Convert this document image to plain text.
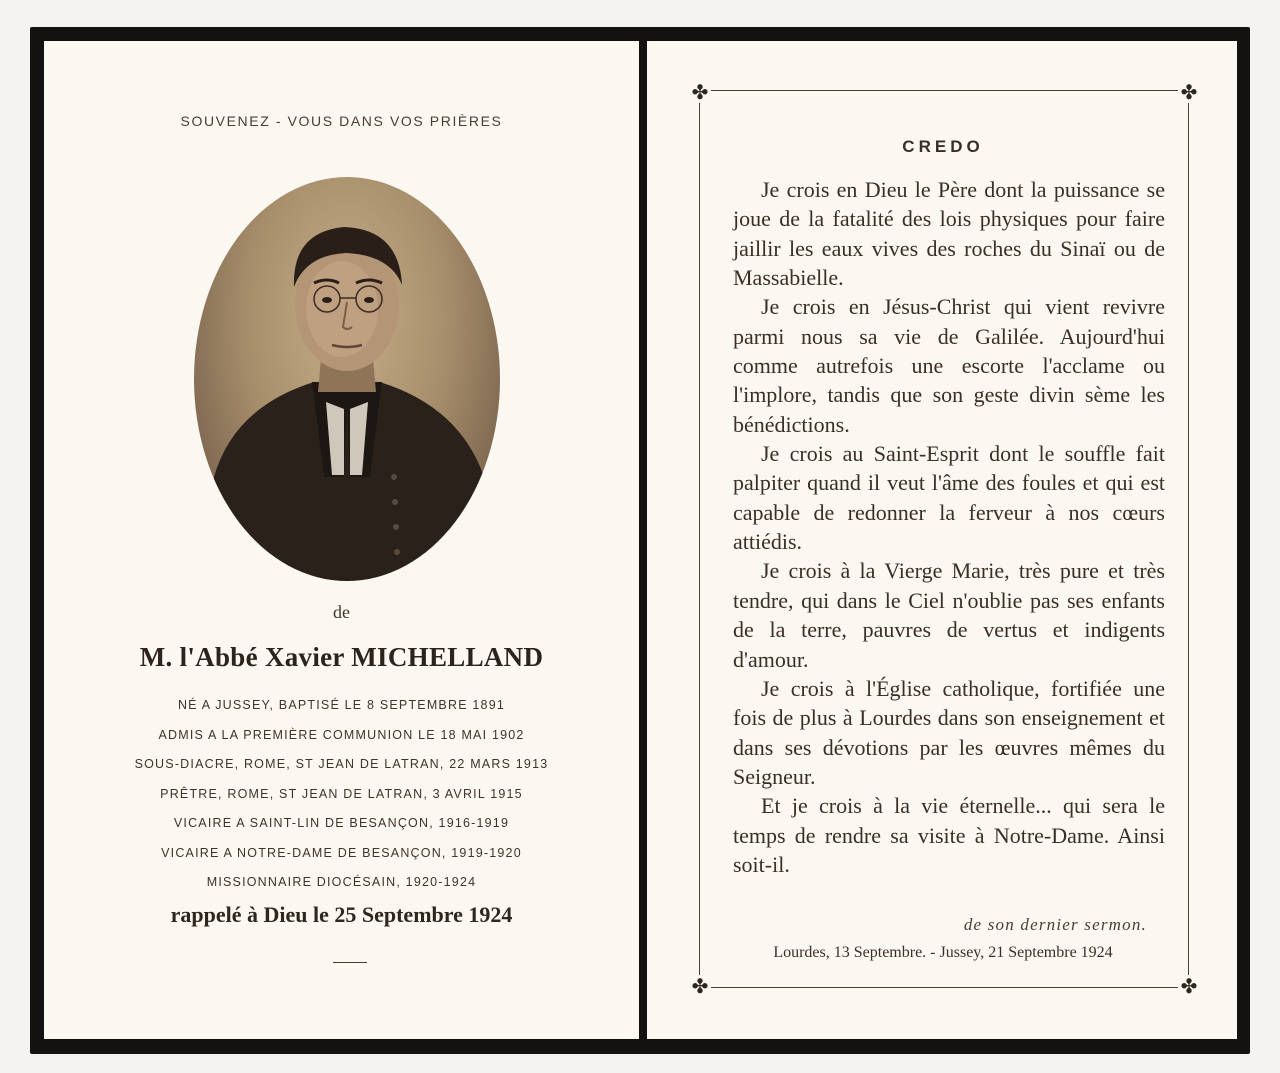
SOUVENEZ - VOUS DANS VOS PRIÈRES
de
M. l'Abbé Xavier MICHELLAND
NÉ A JUSSEY, BAPTISÉ LE 8 SEPTEMBRE 1891
ADMIS A LA PREMIÈRE COMMUNION LE 18 MAI 1902
SOUS-DIACRE, ROME, ST JEAN DE LATRAN, 22 MARS 1913
PRÊTRE, ROME, ST JEAN DE LATRAN, 3 AVRIL 1915
VICAIRE A SAINT-LIN DE BESANÇON, 1916-1919
VICAIRE A NOTRE-DAME DE BESANÇON, 1919-1920
MISSIONNAIRE DIOCÉSAIN, 1920-1924
rappelé à Dieu le 25 Septembre 1924
✤	✤
✤	✤
CREDO

Je crois en Dieu le Père dont la puissance se joue de la fatalité des lois physiques pour faire jaillir les eaux vives des roches du Sinaï ou de Massabielle.

Je crois en Jésus-Christ qui vient revivre parmi nous sa vie de Galilée. Aujourd'hui comme autrefois une escorte l'acclame ou l'implore, tandis que son geste divin sème les bénédictions.

Je crois au Saint-Esprit dont le souffle fait palpiter quand il veut l'âme des foules et qui est capable de redonner la ferveur à nos cœurs attiédis.

Je crois à la Vierge Marie, très pure et très tendre, qui dans le Ciel n'oublie pas ses enfants de la terre, pauvres de vertus et indigents d'amour.

Je crois à l'Église catholique, fortifiée une fois de plus à Lourdes dans son enseignement et dans ses dévotions par les œuvres mêmes du Seigneur.

Et je crois à la vie éternelle... qui sera le temps de rendre sa visite à Notre-Dame. Ainsi soit-il.

de son dernier sermon.
Lourdes, 13 Septembre. - Jussey, 21 Septembre 1924
